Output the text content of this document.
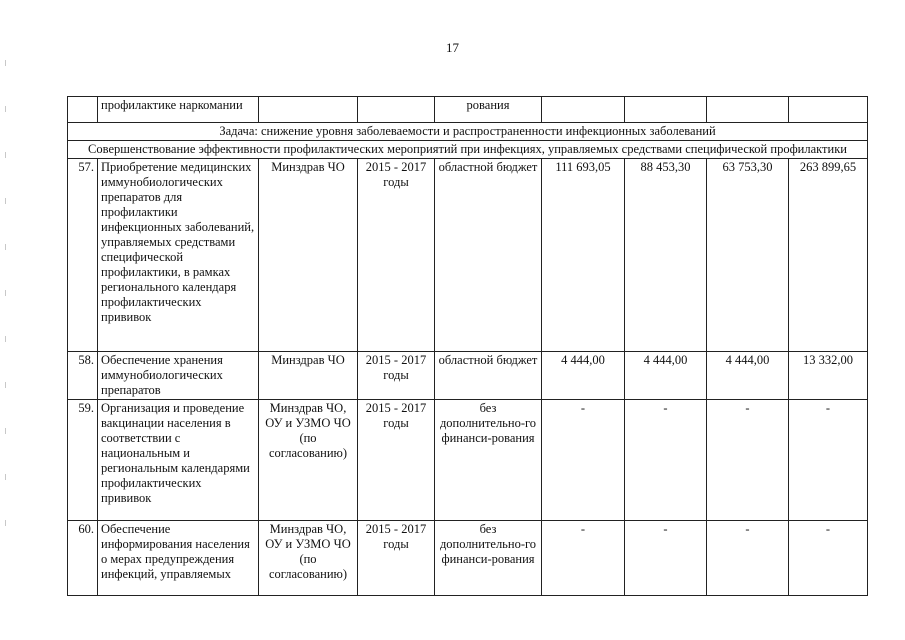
17
	профилактике наркомании			рования				
Задача: снижение уровня заболеваемости и распространенности инфекционных заболеваний								
Совершенствование эффективности профилактических мероприятий при инфекциях, управляемых средствами специфической профилактики								
57.	Приобретение медицинских иммунобиологических препаратов для профилактики инфекционных заболеваний, управляемых средствами специфической профилактики, в рамках регионального календаря профилактических прививок	Минздрав ЧО	2015 - 2017 годы	областной бюджет	111 693,05	88 453,30	63 753,30	263 899,65
58.	Обеспечение хранения иммунобиологических препаратов	Минздрав ЧО	2015 - 2017 годы	областной бюджет	4 444,00	4 444,00	4 444,00	13 332,00
59.	Организация и проведение вакцинации населения в соответствии с национальным и региональным календарями профилактических прививок	Минздрав ЧО, ОУ и УЗМО ЧО (по согласованию)	2015 - 2017 годы	без дополнительно-го финанси-рования	-	-	-	-
60.	Обеспечение информирования населения о мерах предупреждения инфекций, управляемых	Минздрав ЧО, ОУ и УЗМО ЧО (по согласованию)	2015 - 2017 годы	без дополнительно-го финанси-рования	-	-	-	-
